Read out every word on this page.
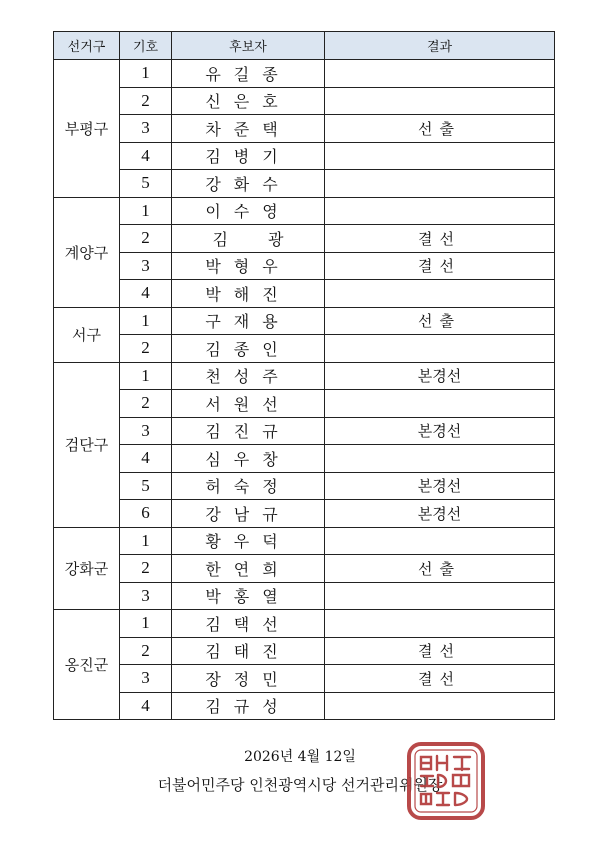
선거구	기호	후보자	결과
부평구	1	유길종	
	2	신은호	
	3	차준택	선출
	4	김병기	
	5	강화수	
계양구	1	이수영	
	2	김광	결선
	3	박형우	결선
	4	박해진	
서구	1	구재용	선출
	2	김종인	
검단구	1	천성주	본경선
	2	서원선	
	3	김진규	본경선
	4	심우창	
	5	허숙정	본경선
	6	강남규	본경선
강화군	1	황우덕	
	2	한연희	선출
	3	박홍열	
옹진군	1	김택선	
	2	김태진	결선
	3	장정민	결선
	4	김규성	
2026년 4월 12일
더불어민주당 인천광역시당 선거관리위원장
